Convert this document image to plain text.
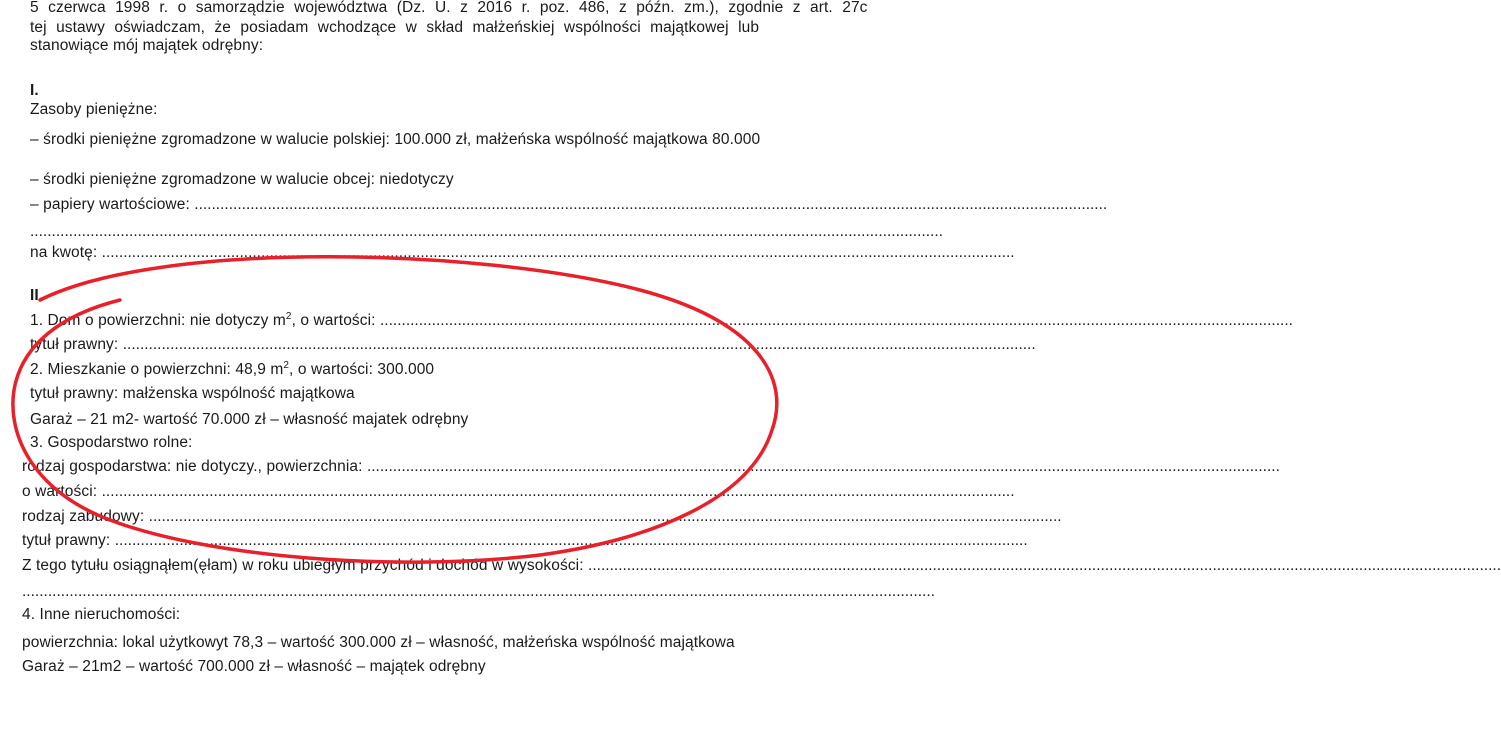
5 czerwca 1998 r. o samorządzie województwa (Dz. U. z 2016 r. poz. 486, z późn. zm.), zgodnie z art. 27c
tej ustawy oświadczam, że posiadam wchodzące w skład małżeńskiej wspólności majątkowej lub
stanowiące mój majątek odrębny:
I.
Zasoby pieniężne:
– środki pieniężne zgromadzone w walucie polskiej: 100.000 zł, małżeńska wspólność majątkowa 80.000
– środki pieniężne zgromadzone w walucie obcej: niedotyczy
– papiery wartościowe: ....................................................................................................................................................................................................................
....................................................................................................................................................................................................................
na kwotę: ....................................................................................................................................................................................................................
II.
1. Dom o powierzchni: nie dotyczy $m^2$, o wartości: ....................................................................................................................................................................................................................
tytuł prawny: ....................................................................................................................................................................................................................
2. Mieszkanie o powierzchni: 48,9 $m^2$, o wartości: 300.000
tytuł prawny: małżenska wspólność majątkowa
Garaż – 21 m2- wartość 70.000 zł – własność majatek odrębny
3. Gospodarstwo rolne:
rodzaj gospodarstwa: nie dotyczy., powierzchnia: ....................................................................................................................................................................................................................
o wartości: ....................................................................................................................................................................................................................
rodzaj zabudowy: ....................................................................................................................................................................................................................
tytuł prawny: ....................................................................................................................................................................................................................
Z tego tytułu osiągnąłem(ęłam) w roku ubiegłym przychód i dochód w wysokości: ....................................................................................................................................................................................................................
....................................................................................................................................................................................................................
4. Inne nieruchomości:
powierzchnia: lokal użytkowyt 78,3 – wartość 300.000 zł – własność, małżeńska wspólność majątkowa
Garaż – 21m2 – wartość 700.000 zł – własność – majątek odrębny
